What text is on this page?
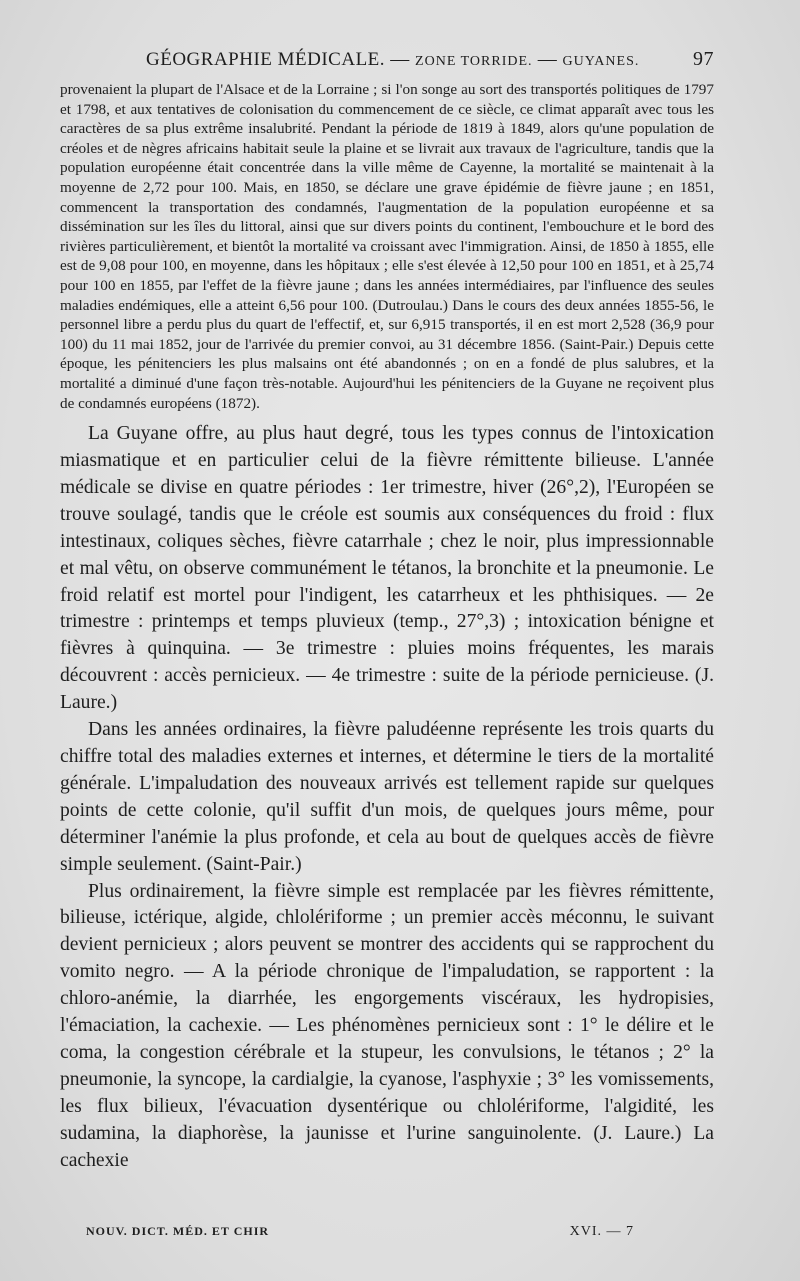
GÉOGRAPHIE MÉDICALE. — ZONE TORRIDE. — GUYANES.	97

provenaient la plupart de l'Alsace et de la Lorraine ; si l'on songe au sort des transportés politiques de 1797 et 1798, et aux tentatives de colonisation du commencement de ce siècle, ce climat apparaît avec tous les caractères de sa plus extrême insalubrité. Pendant la période de 1819 à 1849, alors qu'une population de créoles et de nègres africains habitait seule la plaine et se livrait aux travaux de l'agriculture, tandis que la population européenne était concentrée dans la ville même de Cayenne, la mortalité se maintenait à la moyenne de 2,72 pour 100. Mais, en 1850, se déclare une grave épidémie de fièvre jaune ; en 1851, commencent la transportation des condamnés, l'augmentation de la population européenne et sa dissémination sur les îles du littoral, ainsi que sur divers points du continent, l'embouchure et le bord des rivières particulièrement, et bientôt la mortalité va croissant avec l'immigration. Ainsi, de 1850 à 1855, elle est de 9,08 pour 100, en moyenne, dans les hôpitaux ; elle s'est élevée à 12,50 pour 100 en 1851, et à 25,74 pour 100 en 1855, par l'effet de la fièvre jaune ; dans les années intermédiaires, par l'influence des seules maladies endémiques, elle a atteint 6,56 pour 100. (Dutroulau.) Dans le cours des deux années 1855-56, le personnel libre a perdu plus du quart de l'effectif, et, sur 6,915 transportés, il en est mort 2,528 (36,9 pour 100) du 11 mai 1852, jour de l'arrivée du premier convoi, au 31 décembre 1856. (Saint-Pair.) Depuis cette époque, les pénitenciers les plus malsains ont été abandonnés ; on en a fondé de plus salubres, et la mortalité a diminué d'une façon très-notable. Aujourd'hui les pénitenciers de la Guyane ne reçoivent plus de condamnés européens (1872).

La Guyane offre, au plus haut degré, tous les types connus de l'intoxication miasmatique et en particulier celui de la fièvre rémittente bilieuse. L'année médicale se divise en quatre périodes : 1er trimestre, hiver (26°,2), l'Européen se trouve soulagé, tandis que le créole est soumis aux conséquences du froid : flux intestinaux, coliques sèches, fièvre catarrhale ; chez le noir, plus impressionnable et mal vêtu, on observe communément le tétanos, la bronchite et la pneumonie. Le froid relatif est mortel pour l'indigent, les catarrheux et les phthisiques. — 2e trimestre : printemps et temps pluvieux (temp., 27°,3) ; intoxication bénigne et fièvres à quinquina. — 3e trimestre : pluies moins fréquentes, les marais découvrent : accès pernicieux. — 4e trimestre : suite de la période pernicieuse. (J. Laure.)

Dans les années ordinaires, la fièvre paludéenne représente les trois quarts du chiffre total des maladies externes et internes, et détermine le tiers de la mortalité générale. L'impaludation des nouveaux arrivés est tellement rapide sur quelques points de cette colonie, qu'il suffit d'un mois, de quelques jours même, pour déterminer l'anémie la plus profonde, et cela au bout de quelques accès de fièvre simple seulement. (Saint-Pair.)

Plus ordinairement, la fièvre simple est remplacée par les fièvres rémittente, bilieuse, ictérique, algide, chlolériforme ; un premier accès méconnu, le suivant devient pernicieux ; alors peuvent se montrer des accidents qui se rapprochent du vomito negro. — A la période chronique de l'impaludation, se rapportent : la chloro-anémie, la diarrhée, les engorgements viscéraux, les hydropisies, l'émaciation, la cachexie. — Les phénomènes pernicieux sont : 1° le délire et le coma, la congestion cérébrale et la stupeur, les convulsions, le tétanos ; 2° la pneumonie, la syncope, la cardialgie, la cyanose, l'asphyxie ; 3° les vomissements, les flux bilieux, l'évacuation dysentérique ou chlolériforme, l'algidité, les sudamina, la diaphorèse, la jaunisse et l'urine sanguinolente. (J. Laure.) La cachexie

NOUV. DICT. MÉD. ET CHIR	XVI. — 7
